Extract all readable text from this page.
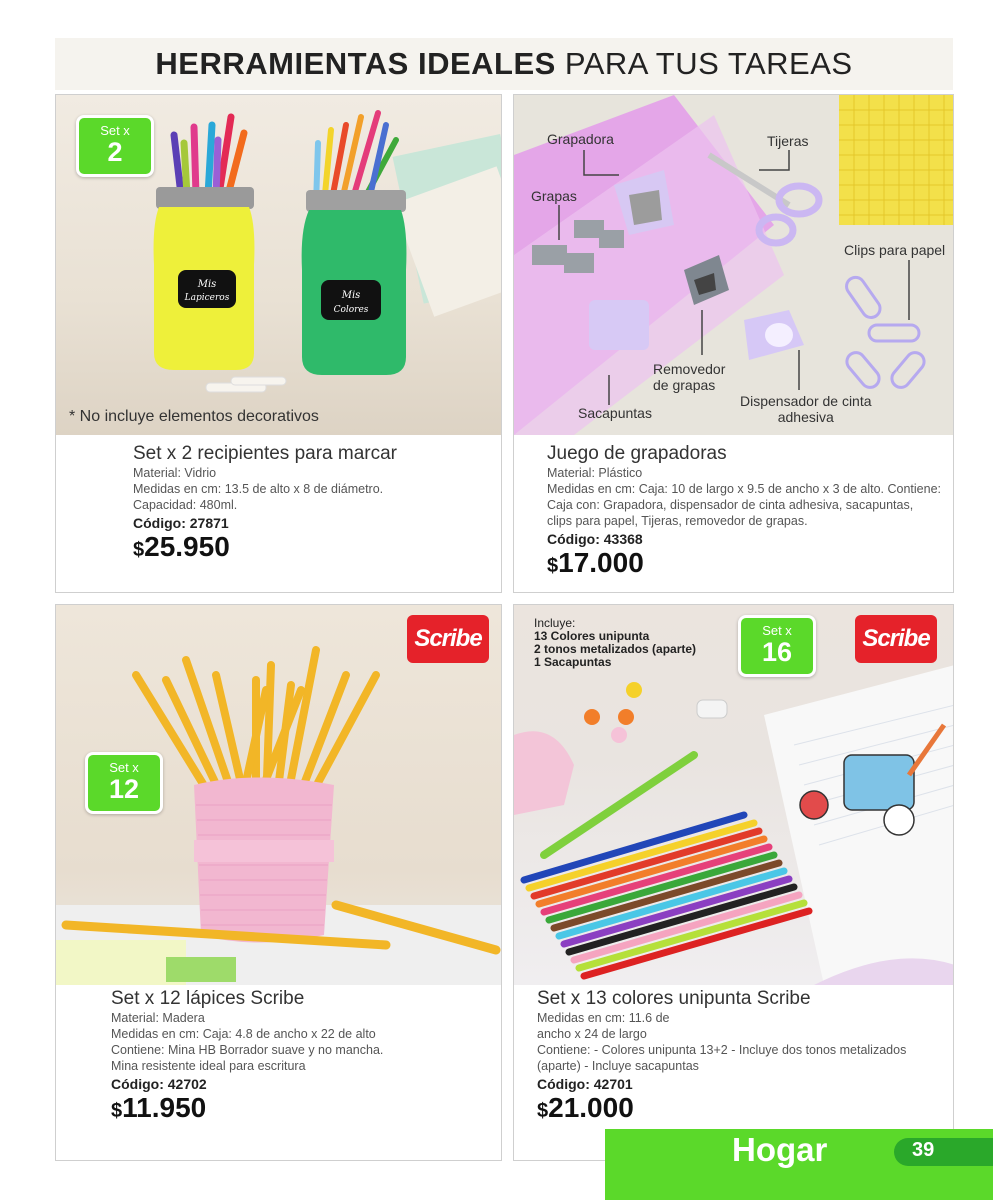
HERRAMIENTAS IDEALES PARA TUS TAREAS
Mis
Lapiceros	Mis
Colores
Set x
2
* No incluye elementos decorativos
Set x 2 recipientes para marcar
Material: Vidrio
Medidas en cm: 13.5 de alto x 8 de diámetro.
Capacidad: 480ml.
Código: 27871
$25.950
Grapadora	Tijeras
Grapas
Clips para papel
Removedor
de grapas
Sacapuntas
Dispensador de cinta
adhesiva
Juego de grapadoras
Material: Plástico
Medidas en cm: Caja: 10 de largo x 9.5 de ancho x 3 de alto. Contiene:
Caja con: Grapadora, dispensador de cinta adhesiva, sacapuntas,
clips para papel, Tijeras, removedor de grapas.
Código: 43368
$17.000
Scribe
Set x
12
Set x 12 lápices Scribe
Material: Madera
Medidas en cm: Caja: 4.8 de ancho x 22 de alto
Contiene: Mina HB Borrador suave y no mancha.
Mina resistente ideal para escritura
Código: 42702
$11.950
Incluye:
13 Colores unipunta
2 tonos metalizados (aparte)
1 Sacapuntas
Set x
16	Scribe
Set x 13 colores unipunta Scribe
Medidas en cm: 11.6 de
ancho x 24 de largo
Contiene: - Colores unipunta 13+2 - Incluye dos tonos metalizados
(aparte) - Incluye sacapuntas
Código: 42701
$21.000
Hogar	39
